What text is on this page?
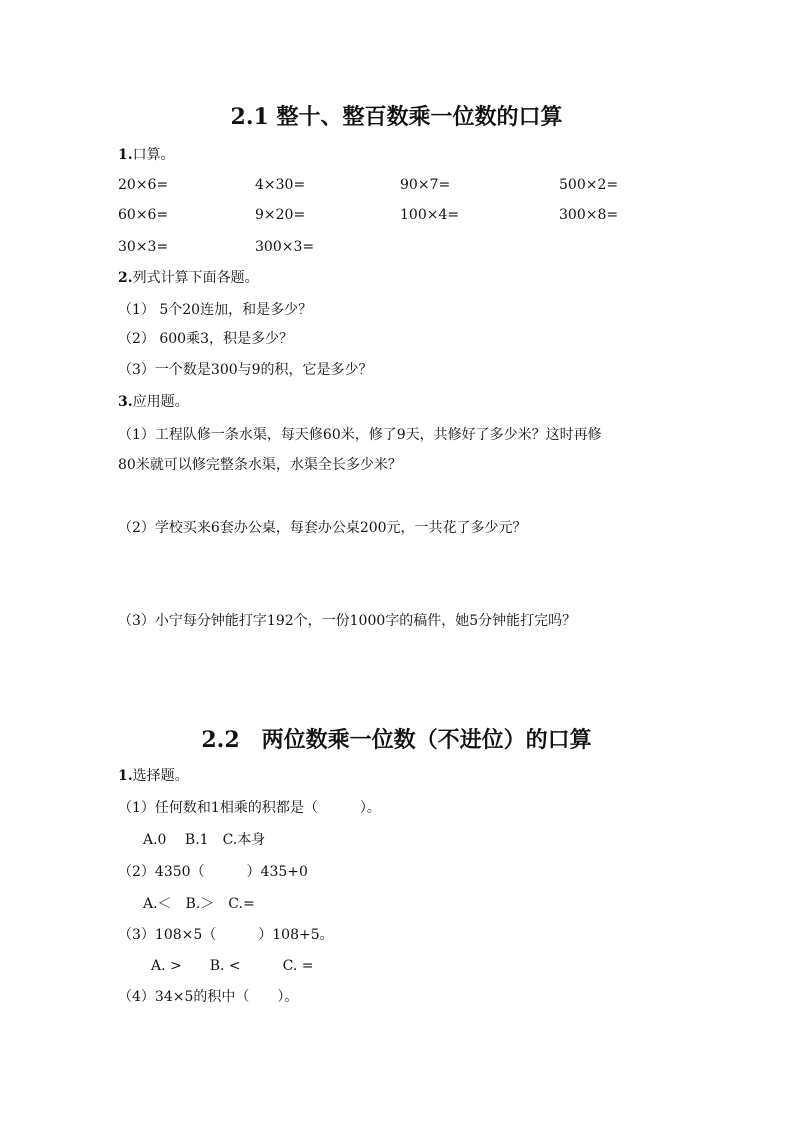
2.1 整十、整百数乘一位数的口算
1.口算。
20×6=	4×30=	90×7=	500×2=
60×6=	9×20=	100×4=	300×8=
30×3=	300×3=
2.列式计算下面各题。
（1） 5个20连加，和是多少？
（2） 600乘3，积是多少？
（3）一个数是300与9的积，它是多少？
3.应用题。
（1）工程队修一条水渠，每天修60米，修了9天，共修好了多少米？这时再修
80米就可以修完整条水渠，水渠全长多少米？
（2）学校买来6套办公桌，每套办公桌200元，一共花了多少元？
（3）小宁每分钟能打字192个，一份1000字的稿件，她5分钟能打完吗？
2.2　两位数乘一位数（不进位）的口算
1.选择题。
（1）任何数和1相乘的积都是（　　　）。
A.0　 B.1　C.本身
（2）4350（　　　）435+0
A.＜　B.＞　C.=
（3）108×5（　　　）108+5。
A. >　　B. <　　　C. =
（4）34×5的积中（　　）。
